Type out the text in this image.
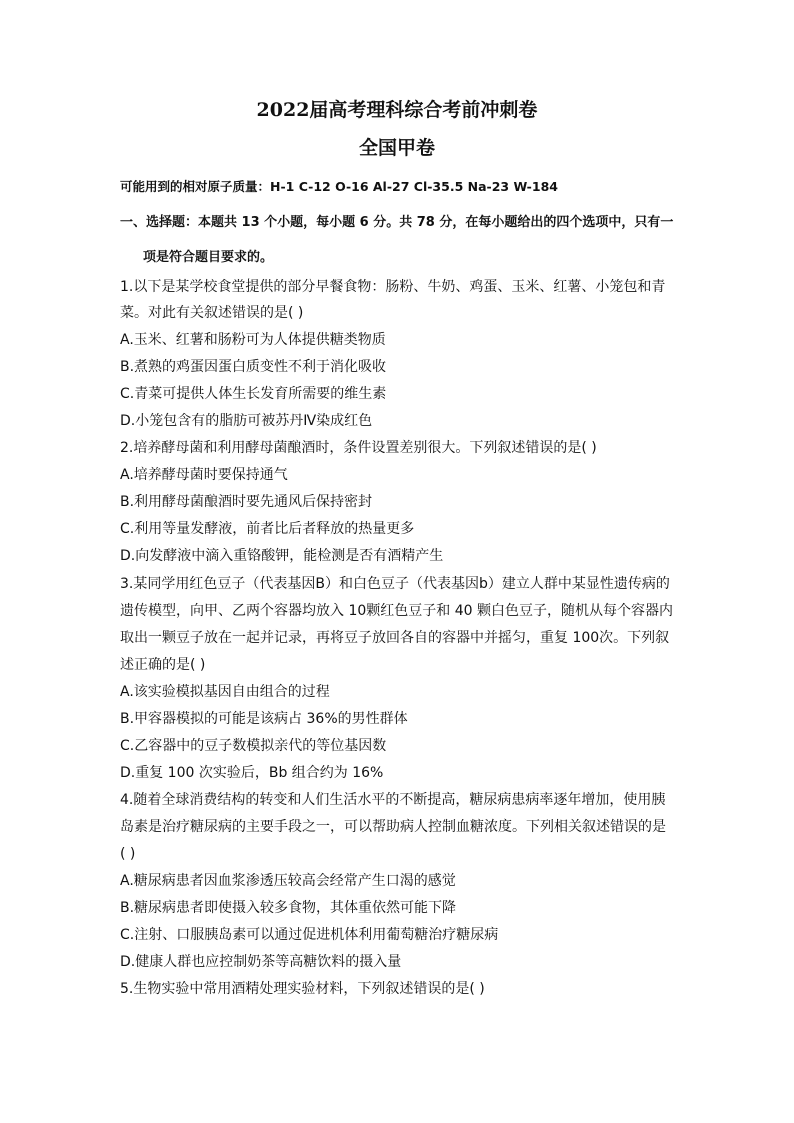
2022届高考理科综合考前冲刺卷
全国甲卷
可能用到的相对原子质量：H-1 C-12 O-16 Al-27 Cl-35.5 Na-23 W-184
一、选择题：本题共 13 个小题，每小题 6 分。共 78 分，在每小题给出的四个选项中，只有一
项是符合题目要求的。
1.以下是某学校食堂提供的部分早餐食物：肠粉、牛奶、鸡蛋、玉米、红薯、小笼包和青
菜。对此有关叙述错误的是( )
A.玉米、红薯和肠粉可为人体提供糖类物质
B.煮熟的鸡蛋因蛋白质变性不利于消化吸收
C.青菜可提供人体生长发育所需要的维生素
D.小笼包含有的脂肪可被苏丹Ⅳ染成红色
2.培养酵母菌和利用酵母菌酿酒时，条件设置差别很大。下列叙述错误的是( )
A.培养酵母菌时要保持通气
B.利用酵母菌酿酒时要先通风后保持密封
C.利用等量发酵液，前者比后者释放的热量更多
D.向发酵液中滴入重铬酸钾，能检测是否有酒精产生
3.某同学用红色豆子（代表基因B）和白色豆子（代表基因b）建立人群中某显性遗传病的
遗传模型，向甲、乙两个容器均放入 10颗红色豆子和 40 颗白色豆子，随机从每个容器内
取出一颗豆子放在一起并记录，再将豆子放回各自的容器中并摇匀，重复 100次。下列叙
述正确的是( )
A.该实验模拟基因自由组合的过程
B.甲容器模拟的可能是该病占 36%的男性群体
C.乙容器中的豆子数模拟亲代的等位基因数
D.重复 100 次实验后，Bb 组合约为 16%
4.随着全球消费结构的转变和人们生活水平的不断提高，糖尿病患病率逐年增加，使用胰
岛素是治疗糖尿病的主要手段之一，可以帮助病人控制血糖浓度。下列相关叙述错误的是
( )
A.糖尿病患者因血浆渗透压较高会经常产生口渴的感觉
B.糖尿病患者即使摄入较多食物，其体重依然可能下降
C.注射、口服胰岛素可以通过促进机体利用葡萄糖治疗糖尿病
D.健康人群也应控制奶茶等高糖饮料的摄入量
5.生物实验中常用酒精处理实验材料，下列叙述错误的是( )
